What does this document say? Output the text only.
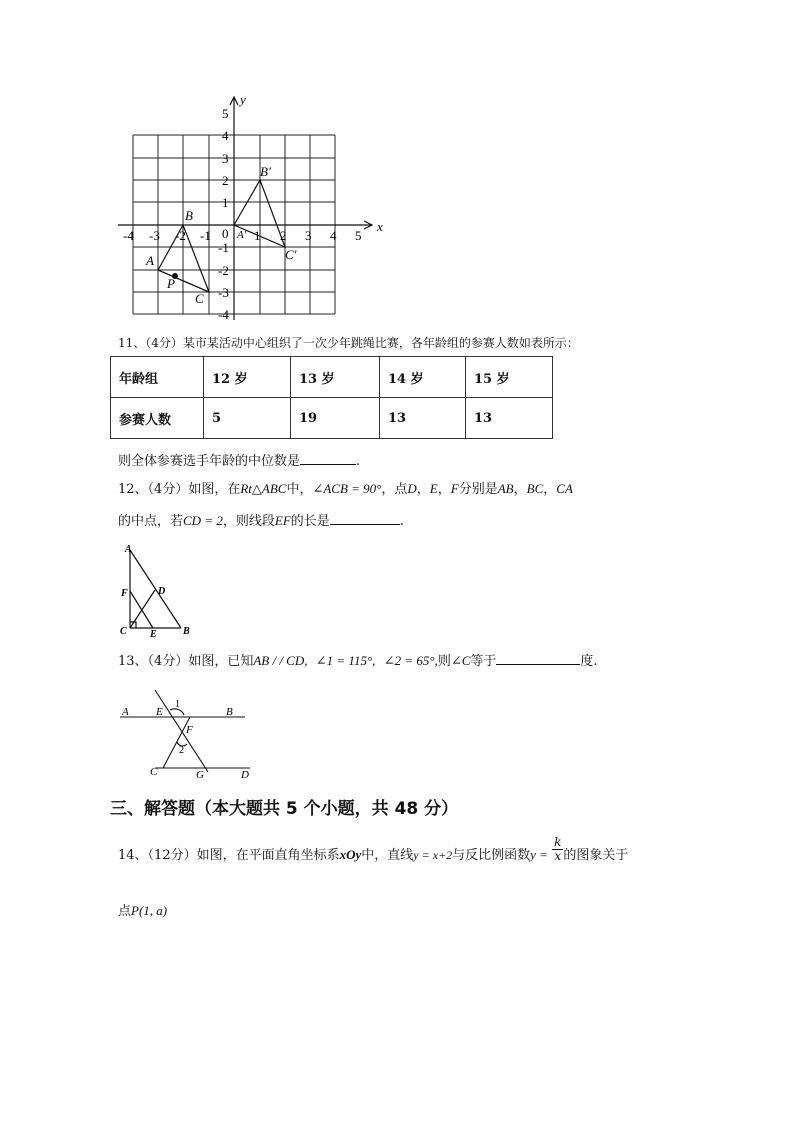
x
y
-4 -3 -2 -1 0 1 2 3 4 5
5
4
3
2
1
-1
-2
-3
-4
A
B
C
P
A'
B'
C'
11、（4分）某市某活动中心组织了一次少年跳绳比赛，各年龄组的参赛人数如表所示：
年龄组	12 岁	13 岁	14 岁	15 岁
参赛人数	5	19	13	13
则全体参赛选手年龄的中位数是	.
12、（4分）如图，在Rt△ABC中，∠ACB = 90°，点D，E，F分别是AB，BC，CA
的中点，若CD = 2，则线段EF的长是	.
A
D
F
C E	B
13、（4分）如图，已知AB / / CD, ∠1 = 115°, ∠2 = 65°,则∠C等于	度.
A E
1
B
F
2
C	G	D
三、解答题（本大题共 5 个小题，共 48 分）
14、（12分）如图，在平面直角坐标系xOy中，直线y = x+2与反比例函数$y = \frac{k}{x}$ 的图象关于
点P(1, a)
